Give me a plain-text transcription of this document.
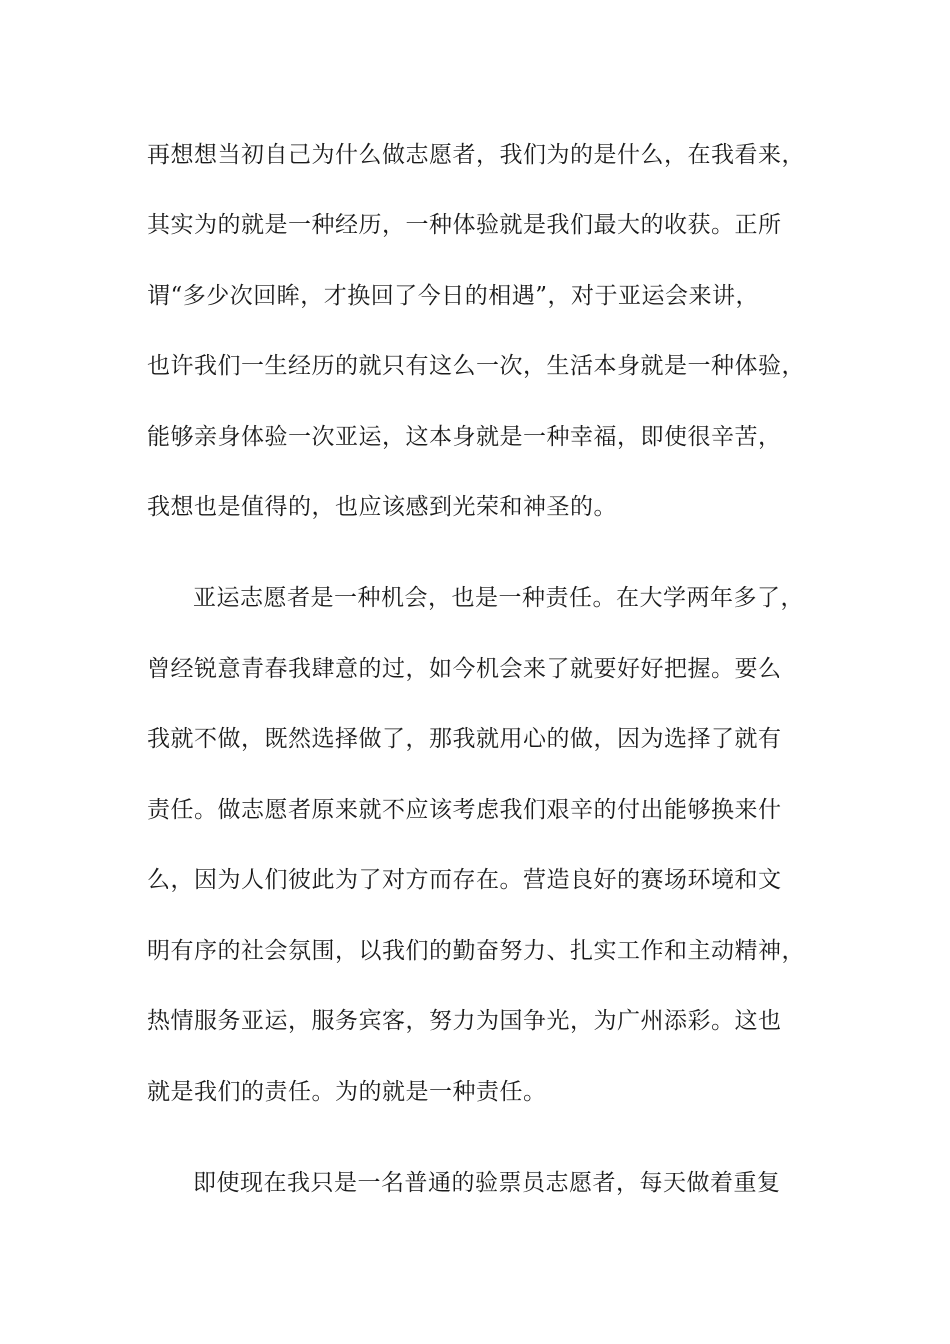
再想想当初自己为什么做志愿者，我们为的是什么，在我看来，
其实为的就是一种经历，一种体验就是我们最大的收获。正所
谓“多少次回眸，才换回了今日的相遇”，对于亚运会来讲，
也许我们一生经历的就只有这么一次，生活本身就是一种体验，
能够亲身体验一次亚运，这本身就是一种幸福，即使很辛苦，
我想也是值得的，也应该感到光荣和神圣的。
亚运志愿者是一种机会，也是一种责任。在大学两年多了，
曾经锐意青春我肆意的过，如今机会来了就要好好把握。要么
我就不做，既然选择做了，那我就用心的做，因为选择了就有
责任。做志愿者原来就不应该考虑我们艰辛的付出能够换来什
么，因为人们彼此为了对方而存在。营造良好的赛场环境和文
明有序的社会氛围，以我们的勤奋努力、扎实工作和主动精神，
热情服务亚运，服务宾客，努力为国争光，为广州添彩。这也
就是我们的责任。为的就是一种责任。
即使现在我只是一名普通的验票员志愿者，每天做着重复
